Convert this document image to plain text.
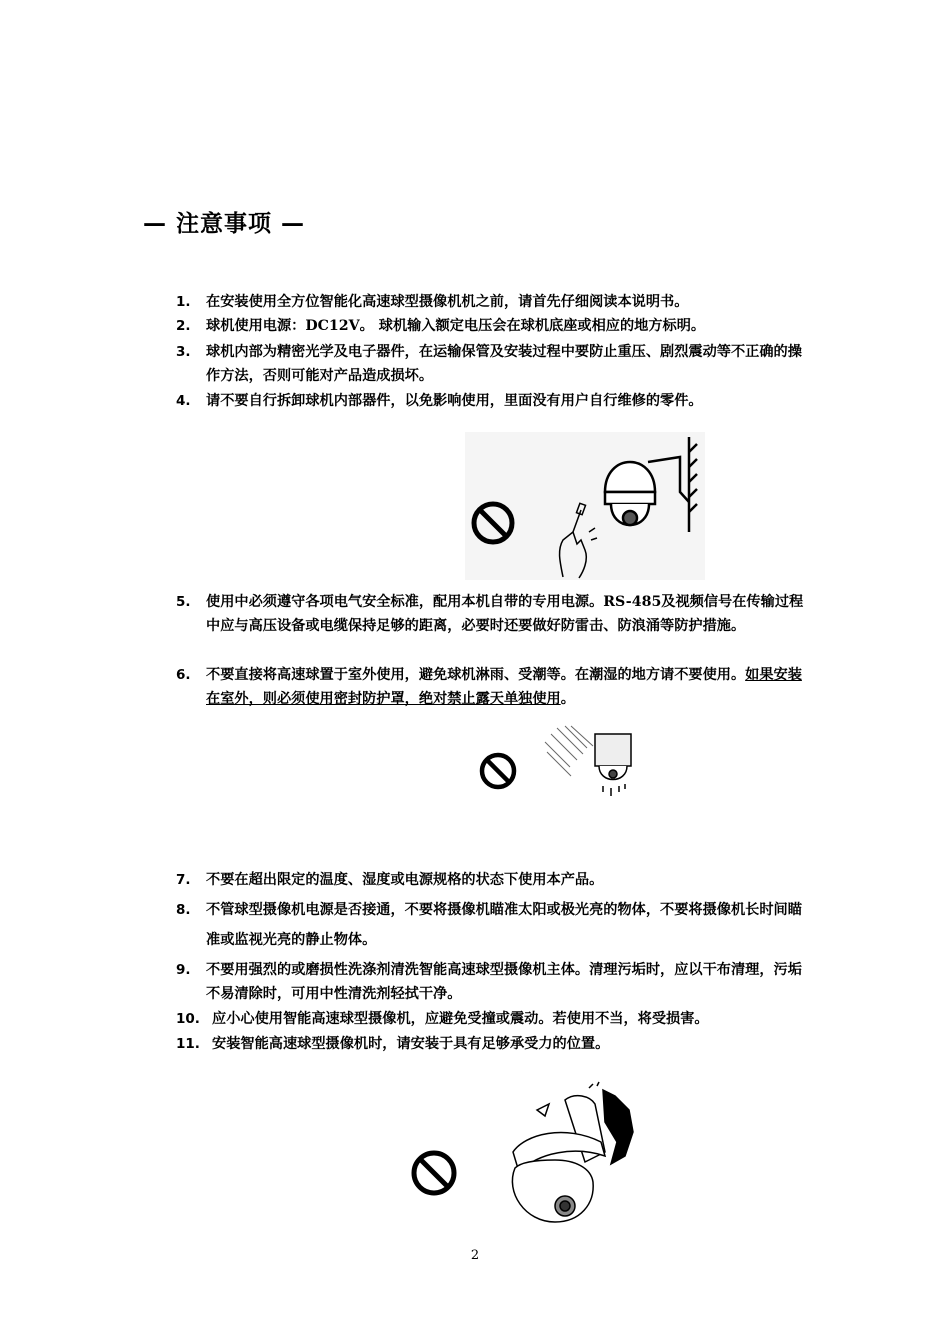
— 注意事项 —
1.	在安装使用全方位智能化高速球型摄像机机之前，请首先仔细阅读本说明书。
2.	球机使用电源：DC12V。 球机输入额定电压会在球机底座或相应的地方标明。
3.	球机内部为精密光学及电子器件，在运输保管及安装过程中要防止重压、剧烈震动等不正确的操作方法，否则可能对产品造成损坏。
4.	请不要自行拆卸球机内部器件，以免影响使用，里面没有用户自行维修的零件。
5.	使用中必须遵守各项电气安全标准，配用本机自带的专用电源。RS-485及视频信号在传输过程中应与高压设备或电缆保持足够的距离，必要时还要做好防雷击、防浪涌等防护措施。
6.	不要直接将高速球置于室外使用，避免球机淋雨、受潮等。在潮湿的地方请不要使用。如果安装在室外，则必须使用密封防护罩，绝对禁止露天单独使用。
7.	不要在超出限定的温度、湿度或电源规格的状态下使用本产品。
8.	不管球型摄像机电源是否接通，不要将摄像机瞄准太阳或极光亮的物体，不要将摄像机长时间瞄准或监视光亮的静止物体。
9.	不要用强烈的或磨损性洗涤剂清洗智能高速球型摄像机主体。清理污垢时，应以干布清理，污垢不易清除时，可用中性清洗剂轻拭干净。
10. 应小心使用智能高速球型摄像机，应避免受撞或震动。若使用不当，将受损害。
11. 安装智能高速球型摄像机时，请安装于具有足够承受力的位置。
2
